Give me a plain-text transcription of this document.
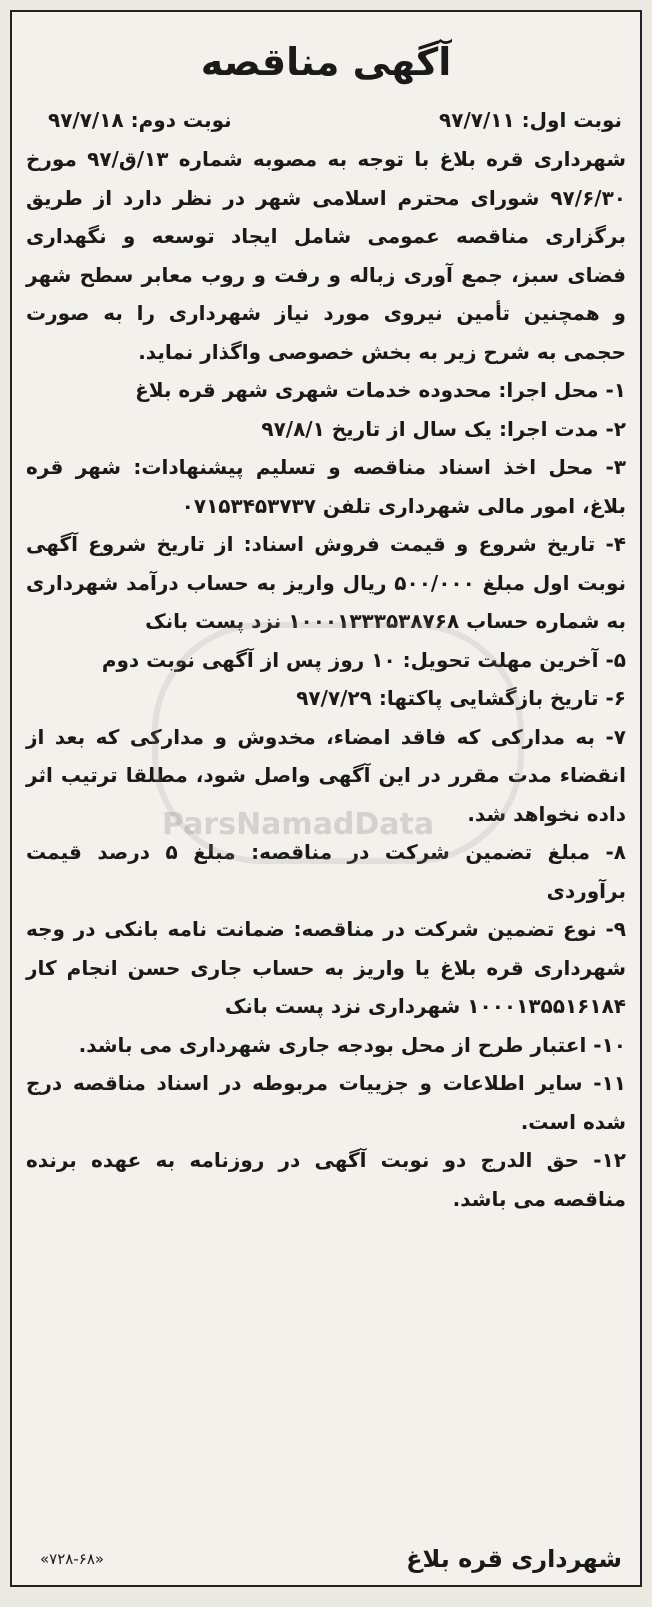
آگهی مناقصه
نوبت اول: ۹۷/۷/۱۱
نوبت دوم: ۹۷/۷/۱۸

شهرداری قره بلاغ با توجه به مصوبه شماره ۱۳/ق/۹۷ مورخ ۹۷/۶/۳۰ شورای محترم اسلامی شهر در نظر دارد از طریق برگزاری مناقصه عمومی شامل ایجاد توسعه و نگهداری فضای سبز، جمع آوری زباله و رفت و روب معابر سطح شهر و همچنین تأمین نیروی مورد نیاز شهرداری را به صورت حجمی به شرح زیر به بخش خصوصی واگذار نماید.

۱- محل اجرا: محدوده خدمات شهری شهر قره بلاغ

۲- مدت اجرا: یک سال از تاریخ ۹۷/۸/۱

۳- محل اخذ اسناد مناقصه و تسلیم پیشنهادات: شهر قره بلاغ، امور مالی شهرداری تلفن ۰۷۱۵۳۴۵۳۷۳۷

۴- تاریخ شروع و قیمت فروش اسناد: از تاریخ شروع آگهی نوبت اول مبلغ ۵۰۰/۰۰۰ ریال واریز به حساب درآمد شهرداری به شماره حساب ۱۰۰۰۱۳۳۳۵۳۸۷۶۸ نزد پست بانک

۵- آخرین مهلت تحویل: ۱۰ روز پس از آگهی نوبت دوم

۶- تاریخ بازگشایی پاکتها: ۹۷/۷/۲۹

۷- به مدارکی که فاقد امضاء، مخدوش و مدارکی که بعد از انقضاء مدت مقرر در این آگهی واصل شود، مطلقا ترتیب اثر داده نخواهد شد.

۸- مبلغ تضمین شرکت در مناقصه: مبلغ ۵ درصد قیمت برآوردی

۹- نوع تضمین شرکت در مناقصه: ضمانت نامه بانکی در وجه شهرداری قره بلاغ یا واریز به حساب جاری حسن انجام کار ۱۰۰۰۱۳۵۵۱۶۱۸۴ شهرداری نزد پست بانک

۱۰- اعتبار طرح از محل بودجه جاری شهرداری می باشد.

۱۱- سایر اطلاعات و جزییات مربوطه در اسناد مناقصه درج شده است.

۱۲- حق الدرج دو نوبت آگهی در روزنامه به عهده برنده مناقصه می باشد.

ParsNamadData
شهرداری قره بلاغ
«۷۲۸-۶۸»
